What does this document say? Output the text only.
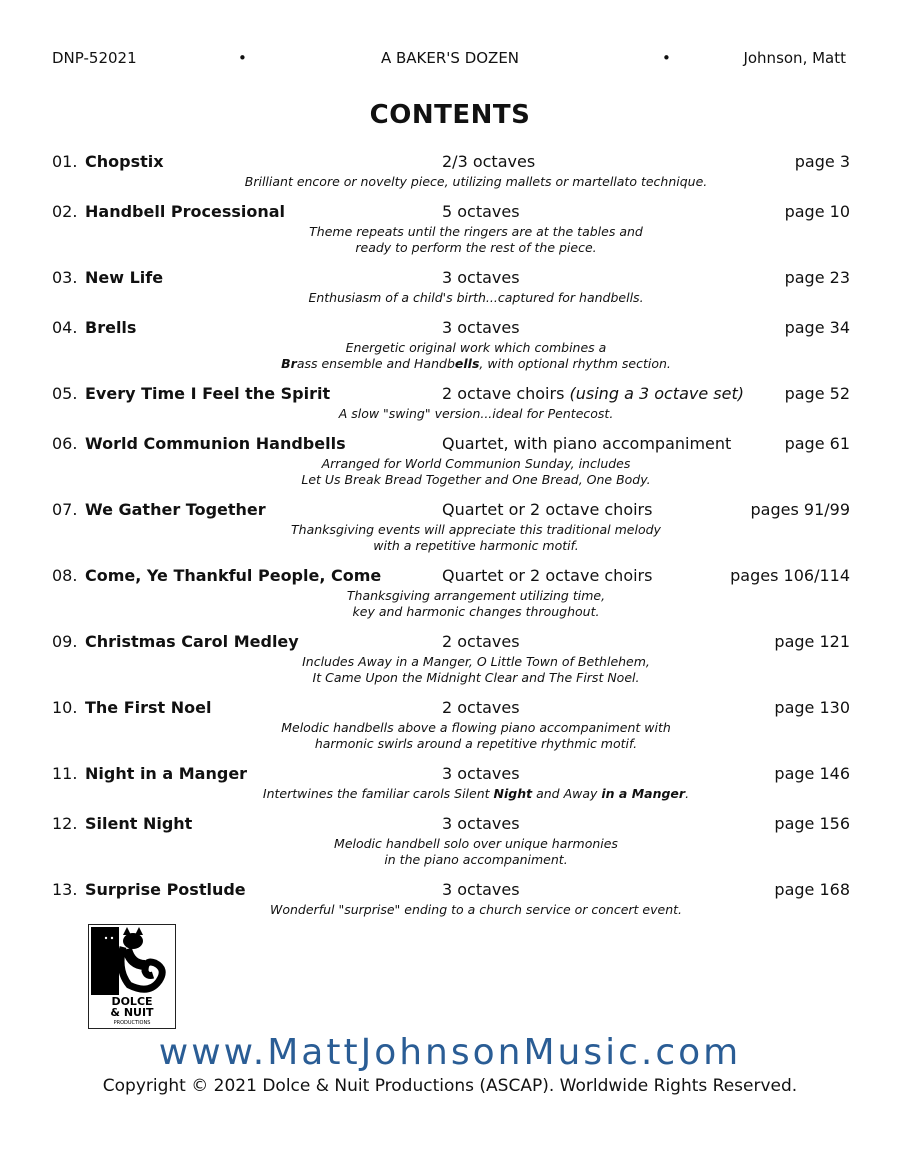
DNP-52021	•	A BAKER'S DOZEN	•	Johnson, Matt
CONTENTS
01. Chopstix	2/3 octaves	page 3
Brilliant encore or novelty piece, utilizing mallets or martellato technique.
02. Handbell Processional	5 octaves	page 10
Theme repeats until the ringers are at the tables and
ready to perform the rest of the piece.
03. New Life	3 octaves	page 23
Enthusiasm of a child's birth...captured for handbells.
04. Brells	3 octaves	page 34
Energetic original work which combines a
Brass ensemble and Handbells, with optional rhythm section.
05. Every Time I Feel the Spirit	2 octave choirs (using a 3 octave set)	page 52
A slow "swing" version...ideal for Pentecost.
06. World Communion Handbells	Quartet, with piano accompaniment	page 61
Arranged for World Communion Sunday, includes
Let Us Break Bread Together and One Bread, One Body.
07. We Gather Together	Quartet or 2 octave choirs	pages 91/99
Thanksgiving events will appreciate this traditional melody
with a repetitive harmonic motif.
08. Come, Ye Thankful People, Come	Quartet or 2 octave choirs	pages 106/114
Thanksgiving arrangement utilizing time,
key and harmonic changes throughout.
09. Christmas Carol Medley	2 octaves	page 121
Includes Away in a Manger, O Little Town of Bethlehem,
It Came Upon the Midnight Clear and The First Noel.
10. The First Noel	2 octaves	page 130
Melodic handbells above a flowing piano accompaniment with
harmonic swirls around a repetitive rhythmic motif.
11. Night in a Manger	3 octaves	page 146
Intertwines the familiar carols Silent Night and Away in a Manger.
12. Silent Night	3 octaves	page 156
Melodic handbell solo over unique harmonies
in the piano accompaniment.
13. Surprise Postlude	3 octaves	page 168
Wonderful "surprise" ending to a church service or concert event.
DOLCE
& NUIT
PRODUCTIONS
www.MattJohnsonMusic.com
Copyright © 2021 Dolce & Nuit Productions (ASCAP). Worldwide Rights Reserved.
